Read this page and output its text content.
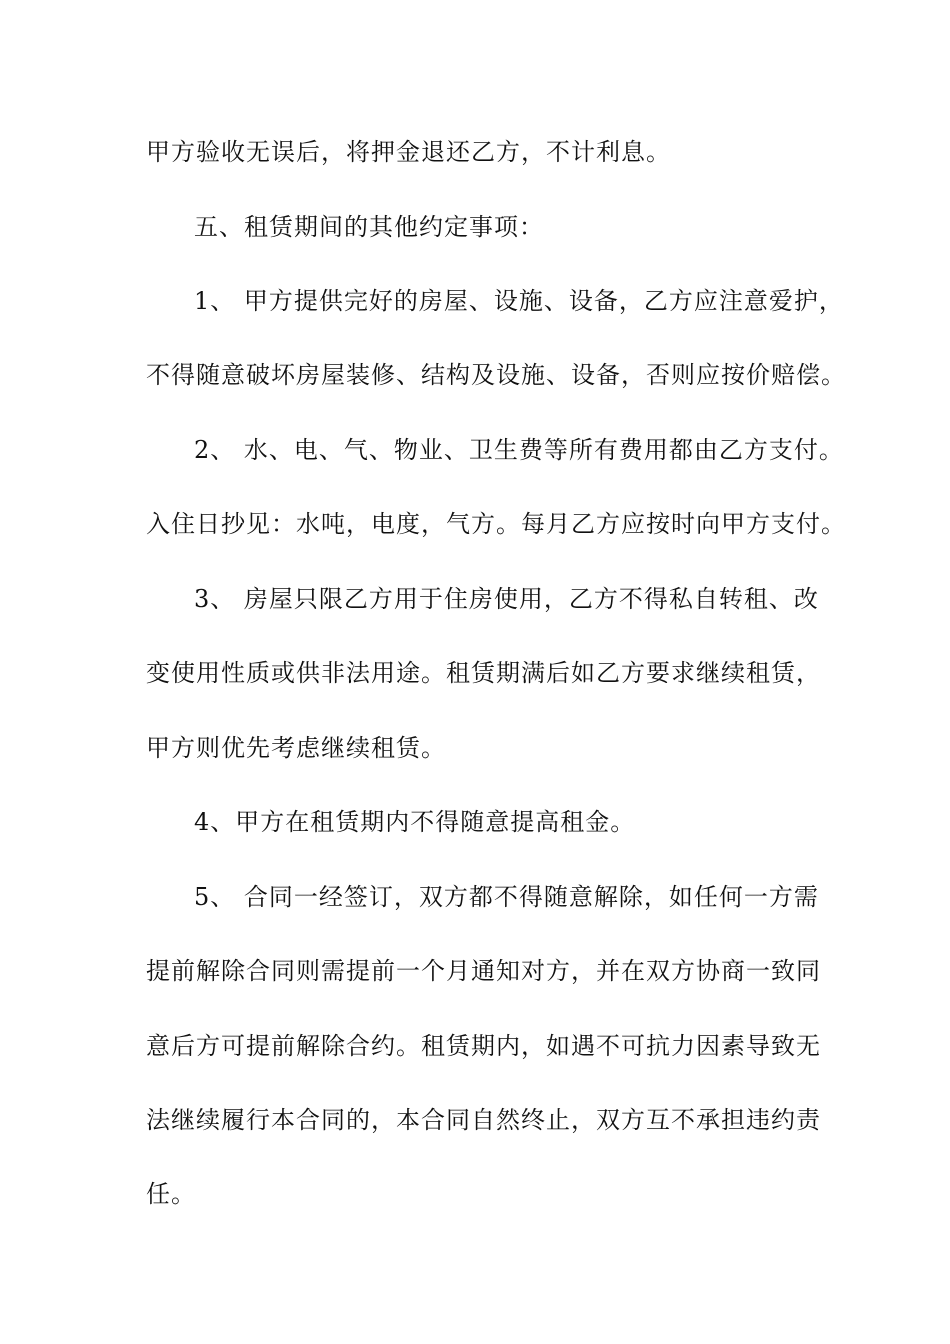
甲方验收无误后，将押金退还乙方，不计利息。
五、租赁期间的其他约定事项：
1、 甲方提供完好的房屋、设施、设备，乙方应注意爱护，
不得随意破坏房屋装修、结构及设施、设备，否则应按价赔偿。
2、 水、电、气、物业、卫生费等所有费用都由乙方支付。
入住日抄见：水吨，电度，气方。每月乙方应按时向甲方支付。
3、 房屋只限乙方用于住房使用，乙方不得私自转租、改
变使用性质或供非法用途。租赁期满后如乙方要求继续租赁，
甲方则优先考虑继续租赁。
4、甲方在租赁期内不得随意提高租金。
5、 合同一经签订，双方都不得随意解除，如任何一方需
提前解除合同则需提前一个月通知对方，并在双方协商一致同
意后方可提前解除合约。租赁期内，如遇不可抗力因素导致无
法继续履行本合同的，本合同自然终止，双方互不承担违约责
任。
